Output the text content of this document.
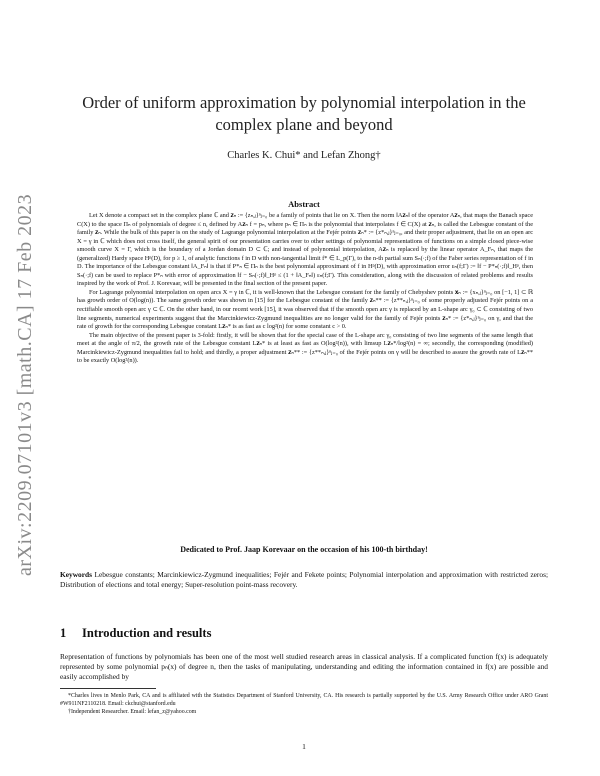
arXiv:2209.07101v3 [math.CA] 17 Feb 2023
Order of uniform approximation by polynomial interpolation in the complex plane and beyond
Charles K. Chui* and Lefan Zhong†
Abstract

Let X denote a compact set in the complex plane ℂ and 𝐳ₙ := {zₙ,ⱼ}ⁿⱼ₌₀ be a family of points that lie on X. Then the norm ‖A𝐳ₙ‖ of the operator A𝐳ₙ, that maps the Banach space C(X) to the space Πₙ of polynomials of degree ≤ n, defined by A𝐳ₙ f = pₙ, where pₙ ∈ Πₙ is the polynomial that interpolates f ∈ C(X) at 𝐳ₙ, is called the Lebesgue constant of the family 𝐳ₙ. While the bulk of this paper is on the study of Lagrange polynomial interpolation at the Fejér points 𝐳ₙ* := {z*ₙ,ⱼ}ⁿⱼ₌₀, and their proper adjustment, that lie on an open arc X = γ in ℂ which does not cross itself, the general spirit of our presentation carries over to other settings of polynomial representations of functions on a simple closed piece-wise smooth curve X = Γ, which is the boundary of a Jordan domain D ⊂ ℂ; and instead of polynomial interpolation, A𝐳ₙ is replaced by the linear operator A_Fₙ, that maps the (generalized) Hardy space Hᵖ(D), for p ≥ 1, of analytic functions f in D with non-tangential limit f* ∈ L_p(Γ), to the n-th partial sum Sₙ(·;f) of the Faber series representation of f in D. The importance of the Lebesgue constant ‖A_Fₙ‖ is that if P*ₙ ∈ Πₙ is the best polynomial approximant of f in Hᵖ(D), with approximation error εₙ(f;Γ) := ‖f − P*ₙ(·;f)‖_Hᵖ, then Sₙ(·;f) can be used to replace P*ₙ with error of approximation ‖f − Sₙ(·;f)‖_Hᵖ ≤ (1 + ‖A_Fₙ‖) εₙ(f;Γ). This consideration, along with the discussion of related problems and results inspired by the work of Prof. J. Korevaar, will be presented in the final section of the present paper.

For Lagrange polynomial interpolation on open arcs X = γ in ℂ, it is well-known that the Lebesgue constant for the family of Chebyshev points 𝐱ₙ := {xₙ,ⱼ}ⁿⱼ₌₀ on [−1, 1] ⊂ ℝ has growth order of O(log(n)). The same growth order was shown in [15] for the Lebesgue constant of the family 𝐳ₙ** := {z**ₙ,ⱼ}ⁿⱼ₌₀ of some properly adjusted Fejér points on a rectifiable smooth open arc γ ⊂ ℂ. On the other hand, in our recent work [15], it was observed that if the smooth open arc γ is replaced by an L-shape arc γ₀ ⊂ ℂ consisting of two line segments, numerical experiments suggest that the Marcinkiewicz-Zygmund inequalities are no longer valid for the family of Fejér points 𝐳ₙ* := {z*ₙ,ⱼ}ⁿⱼ₌₀ on γ, and that the rate of growth for the corresponding Lebesgue constant L𝐳ₙ* is as fast as c log²(n) for some constant c > 0.

The main objective of the present paper is 3-fold: firstly, it will be shown that for the special case of the L-shape arc γ₀ consisting of two line segments of the same length that meet at the angle of π/2, the growth rate of the Lebesgue constant L𝐳ₙ* is at least as fast as O(log²(n)), with limsup L𝐳ₙ*/log²(n) = ∞; secondly, the corresponding (modified) Marcinkiewicz-Zygmund inequalities fail to hold; and thirdly, a proper adjustment 𝐳ₙ** := {z**ₙ,ⱼ}ⁿⱼ₌₀ of the Fejér points on γ will be described to assure the growth rate of L𝐳ₙ** to be exactly O(log²(n)).

Dedicated to Prof. Jaap Korevaar on the occasion of his 100-th birthday!
Keywords Lebesgue constants; Marcinkiewicz-Zygmund inequalities; Fejér and Fekete points; Polynomial interpolation and approximation with restricted zeros; Distribution of elections and total energy; Super-resolution point-mass recovery.
1 Introduction and results
Representation of functions by polynomials has been one of the most well studied research areas in classical analysis. If a complicated function f(x) is adequately represented by some polynomial pₙ(x) of degree n, then the tasks of manipulating, understanding and editing the information contained in f(x) are possible and easily accomplished by

*Charles lives in Menlo Park, CA and is affiliated with the Statistics Department of Stanford University, CA. His research is partially supported by the U.S. Army Research Office under ARO Grant #W911NF2110218. Email: ckchui@stanford.edu

†Independent Researcher. Email: lefan_z@yahoo.com

1
